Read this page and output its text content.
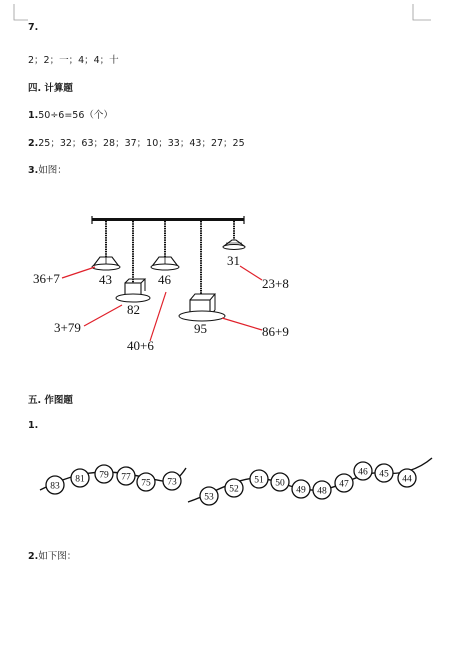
7.
2；2；一；4；4；十
四. 计算题
1.50÷6=56（个）
2.25；32；63；28；37；10；33；43；27；25
3.如图：
43
82
46
95
31
36+7
3+79
40+6
23+8
86+9
五. 作图题
1.
83
81 79 77
75 73
53
52
51 50
49 48
47
46 45 44
2.如下图：
